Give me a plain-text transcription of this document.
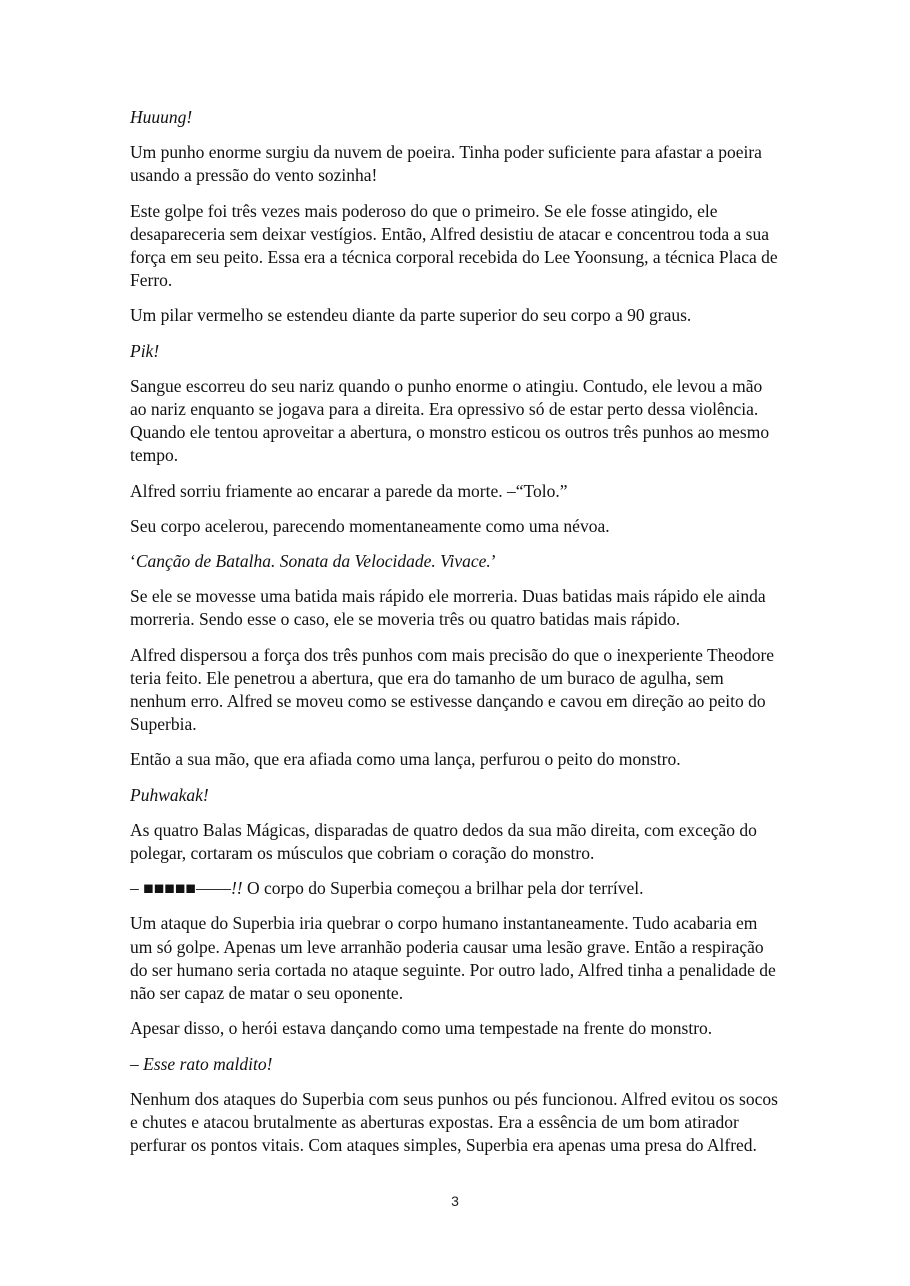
Huuung!

Um punho enorme surgiu da nuvem de poeira. Tinha poder suficiente para afastar a poeira usando a pressão do vento sozinha!

Este golpe foi três vezes mais poderoso do que o primeiro. Se ele fosse atingido, ele desapareceria sem deixar vestígios. Então, Alfred desistiu de atacar e concentrou toda a sua força em seu peito. Essa era a técnica corporal recebida do Lee Yoonsung, a técnica Placa de Ferro.

Um pilar vermelho se estendeu diante da parte superior do seu corpo a 90 graus.

Pik!

Sangue escorreu do seu nariz quando o punho enorme o atingiu. Contudo, ele levou a mão ao nariz enquanto se jogava para a direita. Era opressivo só de estar perto dessa violência. Quando ele tentou aproveitar a abertura, o monstro esticou os outros três punhos ao mesmo tempo.

Alfred sorriu friamente ao encarar a parede da morte. –“Tolo.”

Seu corpo acelerou, parecendo momentaneamente como uma névoa.

‘Canção de Batalha. Sonata da Velocidade. Vivace.’

Se ele se movesse uma batida mais rápido ele morreria. Duas batidas mais rápido ele ainda morreria. Sendo esse o caso, ele se moveria três ou quatro batidas mais rápido.

Alfred dispersou a força dos três punhos com mais precisão do que o inexperiente Theodore teria feito. Ele penetrou a abertura, que era do tamanho de um buraco de agulha, sem nenhum erro. Alfred se moveu como se estivesse dançando e cavou em direção ao peito do Superbia.

Então a sua mão, que era afiada como uma lança, perfurou o peito do monstro.

Puhwakak!

As quatro Balas Mágicas, disparadas de quatro dedos da sua mão direita, com exceção do polegar, cortaram os músculos que cobriam o coração do monstro.

– ■■■■■——!! O corpo do Superbia começou a brilhar pela dor terrível.

Um ataque do Superbia iria quebrar o corpo humano instantaneamente. Tudo acabaria em um só golpe. Apenas um leve arranhão poderia causar uma lesão grave. Então a respiração do ser humano seria cortada no ataque seguinte. Por outro lado, Alfred tinha a penalidade de não ser capaz de matar o seu oponente.

Apesar disso, o herói estava dançando como uma tempestade na frente do monstro.

– Esse rato maldito!

Nenhum dos ataques do Superbia com seus punhos ou pés funcionou. Alfred evitou os socos e chutes e atacou brutalmente as aberturas expostas. Era a essência de um bom atirador perfurar os pontos vitais. Com ataques simples, Superbia era apenas uma presa do Alfred.

3
